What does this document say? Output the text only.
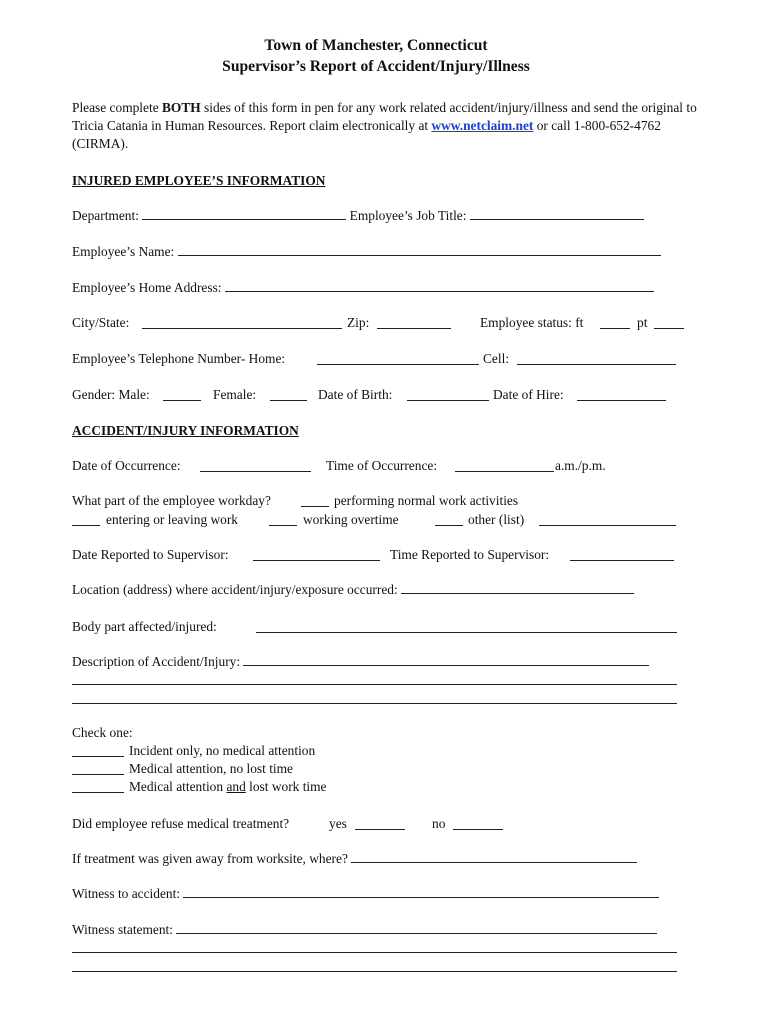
Town of Manchester, Connecticut
Supervisor’s Report of Accident/Injury/Illness
Please complete BOTH sides of this form in pen for any work related accident/injury/illness and send the original to Tricia Catania in Human Resources. Report claim electronically at www.netclaim.net or call 1-800-652-4762 (CIRMA).
INJURED EMPLOYEE’S INFORMATION
Department:	Employee’s Job Title:
Employee’s Name:
Employee’s Home Address:
City/State:	Zip:	Employee status: ft	pt
Employee’s Telephone Number- Home:	Cell:
Gender: Male:	Female:	Date of Birth:	Date of Hire:
ACCIDENT/INJURY INFORMATION
Date of Occurrence:	Time of Occurrence:	a.m./p.m.
What part of the employee workday?	performing normal work activities
entering or leaving work	working overtime	other (list)
Date Reported to Supervisor:	Time Reported to Supervisor:
Location (address) where accident/injury/exposure occurred:
Body part affected/injured:
Description of Accident/Injury:
Check one:
Incident only, no medical attention
Medical attention, no lost time
Medical attention and lost work time
Did employee refuse medical treatment?	yes	no
If treatment was given away from worksite, where?
Witness to accident:
Witness statement:
